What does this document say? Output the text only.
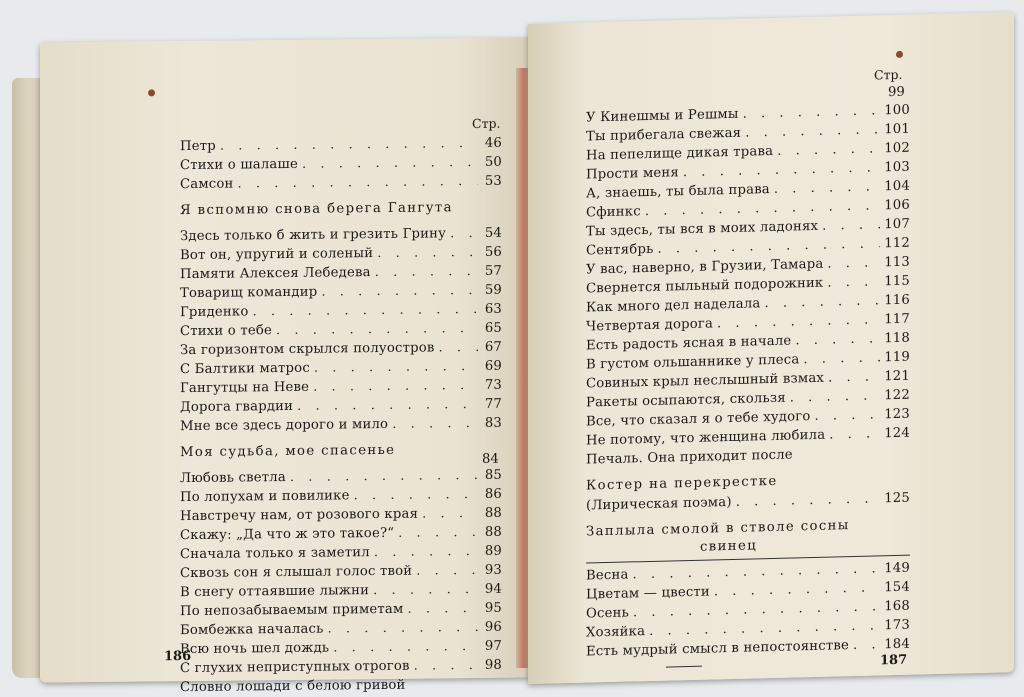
Стр.
Петр . . .	46
Стихи о шалаше . . .	50
Самсон . . .	53
Я вспомню снова берега Гангута
Здесь только б жить и грезить Грину . . .	54
Вот он, упругий и соленый . . .	56
Памяти Алексея Лебедева . . .	57
Товарищ командир . . .	59
Гриденко . . .	63
Стихи о тебе . . .	65
За горизонтом скрылся полуостров . . .	67
С Балтики матрос . . .	69
Гангутцы на Неве . . .	73
Дорога гвардии . . .	77
Мне все здесь дорого и мило . . .	83
Моя судьба, мое спасенье	84
Любовь светла . . .	85
По лопухам и повилике . . .	86
Навстречу нам, от розового края . . .	88
Скажу: „Да что ж это такое?“ . . .	88
Сначала только я заметил . . .	89
Сквозь сон я слышал голос твой . . .	93
В снегу оттаявшие лыжни . . .	94
По непозабываемым приметам . . .	95
Бомбежка началась . . .	96
Всю ночь шел дождь . . .	97
С глухих неприступных отрогов . . .	98
Словно лошади с белою гривой
186
Стр.
99
У Кинешмы и Решмы . . .	100
Ты прибегала свежая . . .	101
На пепелище дикая трава . . .	102
Прости меня . . .	103
А, знаешь, ты была права . . .	104
Сфинкс . . .	106
Ты здесь, ты вся в моих ладонях . . .	107
Сентябрь . . .	112
У вас, наверно, в Грузии, Тамара . . .	113
Свернется пыльный подорожник . . .	115
Как много дел наделала . . .	116
Четвертая дорога . . .	117
Есть радость ясная в начале . . .	118
В густом ольшаннике у плеса . . .	119
Совиных крыл неслышный взмах . . .	121
Ракеты осыпаются, скользя . . .	122
Все, что сказал я о тебе худого . . .	123
Не потому, что женщина любила . . .	124
Печаль. Она приходит после
Костер на перекрестке
(Лирическая поэма) . . .	125
Заплыла смолой в стволе сосны
свинец
Весна . . .	149
Цветам — цвести . . .	154
Осень . . .	168
Хозяйка . . .	173
Есть мудрый смысл в непостоянстве . . .	184
187
